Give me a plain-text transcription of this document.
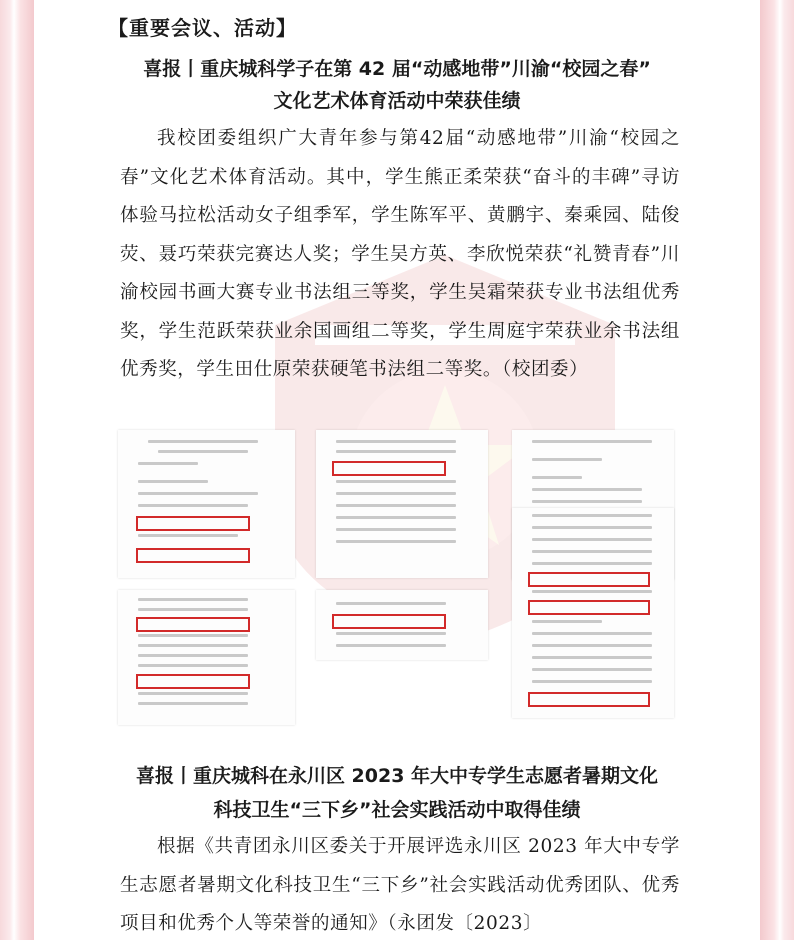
【重要会议、活动】
喜报丨重庆城科学子在第 42 届“动感地带”川渝“校园之春”
文化艺术体育活动中荣获佳绩
我校团委组织广大青年参与第42届“动感地带”川渝“校园之春”文化艺术体育活动。其中，学生熊正柔荣获“奋斗的丰碑”寻访体验马拉松活动女子组季军，学生陈军平、黄鹏宇、秦乘园、陆俊荧、聂巧荣获完赛达人奖；学生吴方英、李欣悦荣获“礼赞青春”川渝校园书画大赛专业书法组三等奖，学生吴霜荣获专业书法组优秀奖，学生范跃荣获业余国画组二等奖，学生周庭宇荣获业余书法组优秀奖，学生田仕原荣获硬笔书法组二等奖。（校团委）
喜报丨重庆城科在永川区 2023 年大中专学生志愿者暑期文化
科技卫生“三下乡”社会实践活动中取得佳绩
根据《共青团永川区委关于开展评选永川区 2023 年大中专学生志愿者暑期文化科技卫生“三下乡”社会实践活动优秀团队、优秀项目和优秀个人等荣誉的通知》（永团发〔2023〕
